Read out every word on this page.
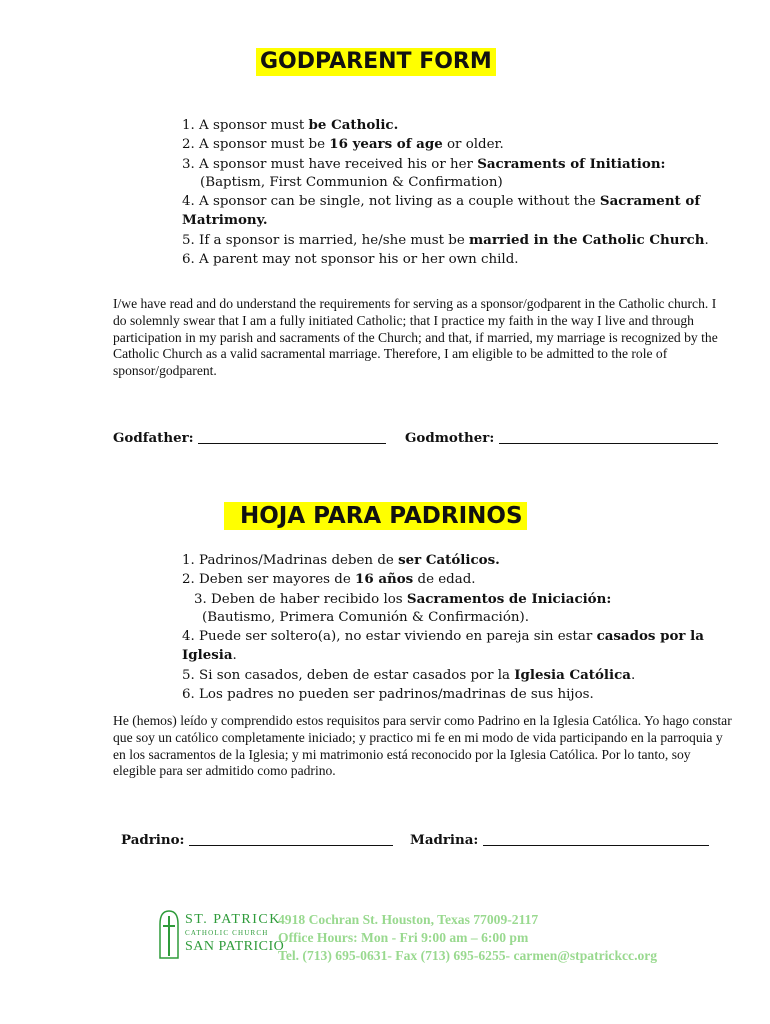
GODPARENT FORM
1. A sponsor must be Catholic.
2. A sponsor must be 16 years of age or older.
3. A sponsor must have received his or her Sacraments of Initiation:
(Baptism, First Communion & Confirmation)
4. A sponsor can be single, not living as a couple without the Sacrament of Matrimony.
5. If a sponsor is married, he/she must be married in the Catholic Church.
6. A parent may not sponsor his or her own child.

I/we have read and do understand the requirements for serving as a sponsor/godparent in the Catholic church. I do solemnly swear that I am a fully initiated Catholic; that I practice my faith in the way I live and through participation in my parish and sacraments of the Church; and that, if married, my marriage is recognized by the Catholic Church as a valid sacramental marriage. Therefore, I am eligible to be admitted to the role of sponsor/godparent.

Godfather:	Godmother:
HOJA PARA PADRINOS
1. Padrinos/Madrinas deben de ser Católicos.
2. Deben ser mayores de 16 años de edad.
3. Deben de haber recibido los Sacramentos de Iniciación:
(Bautismo, Primera Comunión & Confirmación).
4. Puede ser soltero(a), no estar viviendo en pareja sin estar casados por la Iglesia.
5. Si son casados, deben de estar casados por la Iglesia Católica.
6. Los padres no pueden ser padrinos/madrinas de sus hijos.

He (hemos) leído y comprendido estos requisitos para servir como Padrino en la Iglesia Católica. Yo hago constar que soy un católico completamente iniciado; y practico mi fe en mi modo de vida participando en la parroquia y en los sacramentos de la Iglesia; y mi matrimonio está reconocido por la Iglesia Católica. Por lo tanto, soy elegible para ser admitido como padrino.

Padrino:	Madrina:
ST. PATRICK
CATHOLIC CHURCH
SAN PATRICIO
4918 Cochran St. Houston, Texas 77009-2117
Office Hours: Mon - Fri 9:00 am – 6:00 pm
Tel. (713) 695-0631- Fax (713) 695-6255- carmen@stpatrickcc.org
